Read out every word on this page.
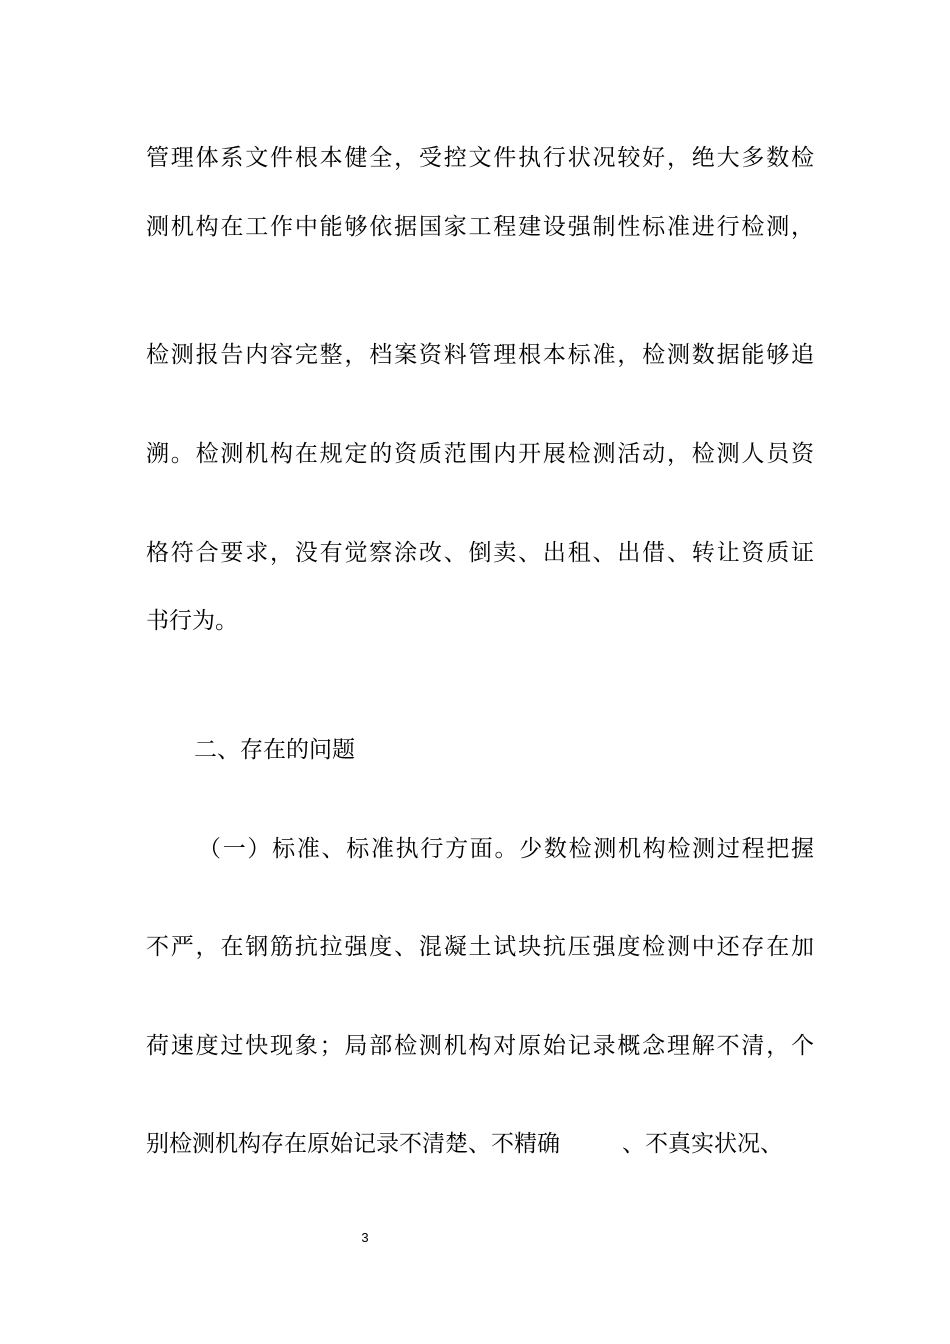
管理体系文件根本健全，受控文件执行状况较好，绝大多数检
测机构在工作中能够依据国家工程建设强制性标准进行检测，
检测报告内容完整，档案资料管理根本标准，检测数据能够追
溯。检测机构在规定的资质范围内开展检测活动，检测人员资
格符合要求，没有觉察涂改、倒卖、出租、出借、转让资质证
书行为。
二、存在的问题
（一）标准、标准执行方面。少数检测机构检测过程把握
不严，在钢筋抗拉强度、混凝土试块抗压强度检测中还存在加
荷速度过快现象；局部检测机构对原始记录概念理解不清，个
别检测机构存在原始记录不清楚、不精确	、不真实状况、
3
